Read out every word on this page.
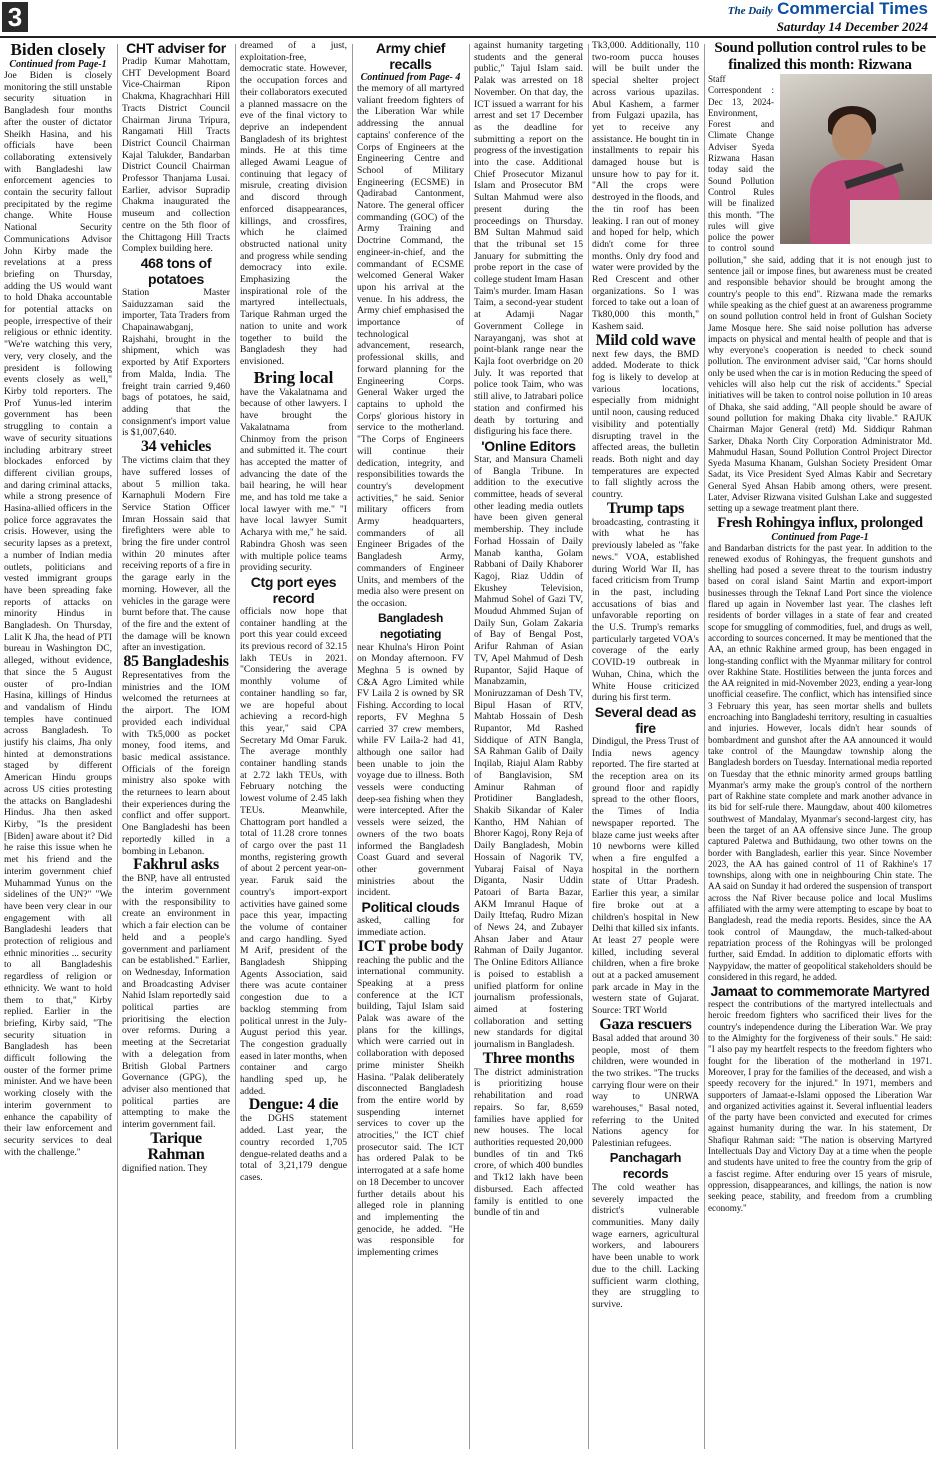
3	The Daily Commercial Times
Saturday 14 December 2024
Biden closely
Continued from Page-1

Joe Biden is closely monitoring the still unstable security situation in Bangladesh four months after the ouster of dictator Sheikh Hasina, and his officials have been collaborating extensively with Bangladeshi law enforcement agencies to contain the security fallout precipitated by the regime change. White House National Security Communications Advisor John Kirby made the revelations at a press briefing on Thursday, adding the US would want to hold Dhaka accountable for potential attacks on people, irrespective of their religious or ethnic identity. "We're watching this very, very, very closely, and the president is following events closely as well," Kirby told reporters. The Prof Yunus-led interim government has been struggling to contain a wave of security situations including arbitrary street blockades enforced by different civilian groups, and daring criminal attacks, while a strong presence of Hasina-allied officers in the police force aggravates the crisis. However, using the security lapses as a pretext, a number of Indian media outlets, politicians and vested immigrant groups have been spreading fake reports of attacks on minority Hindus in Bangladesh. On Thursday, Lalit K Jha, the head of PTI bureau in Washington DC, alleged, without evidence, that since the 5 August ouster of pro-Indian Hasina, killings of Hindus and vandalism of Hindu temples have continued across Bangladesh. To justify his claims, Jha only hinted at demonstrations staged by different American Hindu groups across US cities protesting the attacks on Bangladeshi Hindus. Jha then asked Kirby, "Is the president [Biden] aware about it? Did he raise this issue when he met his friend and the interim government chief Muhammad Yunus on the sidelines of the UN?" "We have been very clear in our engagement with all Bangladeshi leaders that protection of religious and ethnic minorities ... security to all Bangladeshis regardless of religion or ethnicity. We want to hold them to that," Kirby replied. Earlier in the briefing, Kirby said, "The security situation in Bangladesh has been difficult following the ouster of the former prime minister. And we have been working closely with the interim government to enhance the capability of their law enforcement and security services to deal with the challenge."

CHT adviser for

Pradip Kumar Mahottam, CHT Development Board Vice-Chairman Ripon Chakma, Khagrachhari Hill Tracts District Council Chairman Jiruna Tripura, Rangamati Hill Tracts District Council Chairman Kajal Talukder, Bandarban District Council Chairman Professor Thanjama Lusai. Earlier, advisor Supradip Chakma inaugurated the museum and collection centre on the 5th floor of the Chittagong Hill Tracts Complex building here.

468 tons of potatoes

Station Master Saiduzzaman said the importer, Tata Traders from Chapainawabganj, Rajshahi, brought in the shipment, which was exported by Atif Exporters from Malda, India. The freight train carried 9,460 bags of potatoes, he said, adding that the consignment's import value is $1,007,640.

34 vehicles

The victims claim that they have suffered losses of about 5 million taka. Karnaphuli Modern Fire Service Station Officer Imran Hossain said that firefighters were able to bring the fire under control within 20 minutes after receiving reports of a fire in the garage early in the morning. However, all the vehicles in the garage were burnt before that. The cause of the fire and the extent of the damage will be known after an investigation.

85 Bangladeshis

Representatives from the ministries and the IOM welcomed the returnees at the airport. The IOM provided each individual with Tk5,000 as pocket money, food items, and basic medical assistance. Officials of the foreign ministry also spoke with the returnees to learn about their experiences during the conflict and offer support. One Bangladeshi has been reportedly killed in a bombing in Lebanon.

Fakhrul asks

the BNP, have all entrusted the interim government with the responsibility to create an environment in which a fair election can be held and a people's government and parliament can be established." Earlier, on Wednesday, Information and Broadcasting Adviser Nahid Islam reportedly said political parties are prioritising the election over reforms. During a meeting at the Secretariat with a delegation from British Global Partners Governance (GPG), the adviser also mentioned that political parties are attempting to make the interim government fail.

Tarique Rahman

dignified nation. They

dreamed of a just, exploitation-free, democratic state. However, the occupation forces and their collaborators executed a planned massacre on the eve of the final victory to deprive an independent Bangladesh of its brightest minds. He at this time alleged Awami League of continuing that legacy of misrule, creating division and discord through enforced disappearances, killings, and crossfires, which he claimed obstructed national unity and progress while sending democracy into exile. Emphasizing the inspirational role of the martyred intellectuals, Tarique Rahman urged the nation to unite and work together to build the Bangladesh they had envisioned.

Bring local

have the Vakalatnama and because of other lawyers. I have brought the Vakalatnama from Chinmoy from the prison and submitted it. The court has accepted the matter of advancing the date of the bail hearing, he will hear me, and has told me take a local lawyer with me." "I have local lawyer Sumit Acharya with me," he said. Rabindra Ghosh was seen with multiple police teams providing security.

Ctg port eyes record

officials now hope that container handling at the port this year could exceed its previous record of 32.15 lakh TEUs in 2021. "Considering the average monthly volume of container handling so far, we are hopeful about achieving a record-high this year," said CPA Secretary Md Omar Faruk. The average monthly container handling stands at 2.72 lakh TEUs, with February notching the lowest volume of 2.45 lakh TEUs. Meanwhile, Chattogram port handled a total of 11.28 crore tonnes of cargo over the past 11 months, registering growth of about 2 percent year-on-year. Faruk said the country's import-export activities have gained some pace this year, impacting the volume of container and cargo handling. Syed M Arif, president of the Bangladesh Shipping Agents Association, said there was acute container congestion due to a backlog stemming from political unrest in the July-August period this year. The congestion gradually eased in later months, when container and cargo handling sped up, he added.

Dengue: 4 die

the DGHS statement added. Last year, the country recorded 1,705 dengue-related deaths and a total of 3,21,179 dengue cases.

Army chief recalls
Continued from Page- 4

the memory of all martyred valiant freedom fighters of the Liberation War while addressing the annual captains' conference of the Corps of Engineers at the Engineering Centre and School of Military Engineering (ECSME) in Qadirabad Cantonment, Natore. The general officer commanding (GOC) of the Army Training and Doctrine Command, the engineer-in-chief, and the commandant of ECSME welcomed General Waker upon his arrival at the venue. In his address, the Army chief emphasised the importance of technological advancement, research, professional skills, and forward planning for the Engineering Corps. General Waker urged the captains to uphold the Corps' glorious history in service to the motherland. "The Corps of Engineers will continue their dedication, integrity, and responsibilities towards the country's development activities," he said. Senior military officers from Army headquarters, commanders of all Engineer Brigades of the Bangladesh Army, commanders of Engineer Units, and members of the media also were present on the occasion.

Bangladesh negotiating

near Khulna's Hiron Point on Monday afternoon. FV Meghna 5 is owned by C&A Agro Limited while FV Laila 2 is owned by SR Fishing. According to local reports, FV Meghna 5 carried 37 crew members, while FV Laila-2 had 41, although one sailor had been unable to join the voyage due to illness. Both vessels were conducting deep-sea fishing when they were intercepted. After the vessels were seized, the owners of the two boats informed the Bangladesh Coast Guard and several other government ministries about the incident.

Political clouds

asked, calling for immediate action.

ICT probe body

reaching the public and the international community. Speaking at a press conference at the ICT building, Tajul Islam said Palak was aware of the plans for the killings, which were carried out in collaboration with deposed prime minister Sheikh Hasina. "Palak deliberately disconnected Bangladesh from the entire world by suspending internet services to cover up the atrocities," the ICT chief prosecutor said. The ICT has ordered Palak to be interrogated at a safe home on 18 December to uncover further details about his alleged role in planning and implementing the genocide, he added. "He was responsible for implementing crimes

against humanity targeting students and the general public," Tajul Islam said. Palak was arrested on 18 November. On that day, the ICT issued a warrant for his arrest and set 17 December as the deadline for submitting a report on the progress of the investigation into the case. Additional Chief Prosecutor Mizanul Islam and Prosecutor BM Sultan Mahmud were also present during the proceedings on Thursday. BM Sultan Mahmud said that the tribunal set 15 January for submitting the probe report in the case of college student Imam Hasan Taim's murder. Imam Hasan Taim, a second-year student at Adamji Nagar Government College in Narayanganj, was shot at point-blank range near the Kajla foot overbridge on 20 July. It was reported that police took Taim, who was still alive, to Jatrabari police station and confirmed his death by torturing and disfiguring his face there.

'Online Editors

Star, and Mansura Chameli of Bangla Tribune. In addition to the executive committee, heads of several other leading media outlets have been given general membership. They include Forhad Hossain of Daily Manab kantha, Golam Rabbani of Daily Khaborer Kagoj, Riaz Uddin of Ekushey Television, Mahmud Sohel of Gazi TV, Moudud Ahmmed Sujan of Daily Sun, Golam Zakaria of Bay of Bengal Post, Arifur Rahman of Asian TV, Apel Mahmud of Desh Rupantor, Sajid Haque of Manabzamin, Moniruzzaman of Desh TV, Bipul Hasan of RTV, Mahtab Hossain of Desh Rupantor, Md Rashed Siddique of ATN Bangla, SA Rahman Galib of Daily Inqilab, Riajul Alam Rabby of Banglavision, SM Aminur Rahman of Protidiner Bangladesh, Shakib Sikandar of Kaler Kantho, HM Nahian of Bhorer Kagoj, Rony Reja of Daily Bangladesh, Mobin Hossain of Nagorik TV, Yubaraj Faisal of Naya Diganta, Nasir Uddin Patoari of Barta Bazar, AKM Imranul Haque of Daily Ittefaq, Rudro Mizan of News 24, and Zubayer Ahsan Jaber and Ataur Rahman of Daily Jugantor. The Online Editors Alliance is poised to establish a unified platform for online journalism professionals, aimed at fostering collaboration and setting new standards for digital journalism in Bangladesh.

Three months

The district administration is prioritizing house rehabilitation and road repairs. So far, 8,659 families have applied for new houses. The local authorities requested 20,000 bundles of tin and Tk6 crore, of which 400 bundles and Tk12 lakh have been disbursed. Each affected family is entitled to one bundle of tin and

Tk3,000. Additionally, 110 two-room pucca houses will be built under the special shelter project across various upazilas. Abul Kashem, a farmer from Fulgazi upazila, has yet to receive any assistance. He bought tin in installments to repair his damaged house but is unsure how to pay for it. "All the crops were destroyed in the floods, and the tin roof has been leaking. I ran out of money and hoped for help, which didn't come for three months. Only dry food and water were provided by the Red Crescent and other organizations. So I was forced to take out a loan of Tk80,000 this month," Kashem said.

Mild cold wave

next few days, the BMD added. Moderate to thick fog is likely to develop at various locations, especially from midnight until noon, causing reduced visibility and potentially disrupting travel in the affected areas, the bulletin reads. Both night and day temperatures are expected to fall slightly across the country.

Trump taps

broadcasting, contrasting it with what he has previously labeled as "fake news." VOA, established during World War II, has faced criticism from Trump in the past, including accusations of bias and unfavorable reporting on the U.S. Trump's remarks particularly targeted VOA's coverage of the early COVID-19 outbreak in Wuhan, China, which the White House criticized during his first term.

Several dead as fire

Dindigul, the Press Trust of India news agency reported. The fire started at the reception area on its ground floor and rapidly spread to the other floors, the Times of India newspaper reported. The blaze came just weeks after 10 newborns were killed when a fire engulfed a hospital in the northern state of Uttar Pradesh. Earlier this year, a similar fire broke out at a children's hospital in New Delhi that killed six infants. At least 27 people were killed, including several children, when a fire broke out at a packed amusement park arcade in May in the western state of Gujarat. Source: TRT World

Gaza rescuers

Basal added that around 30 people, most of them children, were wounded in the two strikes. "The trucks carrying flour were on their way to UNRWA warehouses," Basal noted, referring to the United Nations agency for Palestinian refugees.

Panchagarh records

The cold weather has severely impacted the district's vulnerable communities. Many daily wage earners, agricultural workers, and labourers have been unable to work due to the chill. Lacking sufficient warm clothing, they are struggling to survive.

Sound pollution control rules to be finalized this month: Rizwana

Staff Correspondent : Dec 13, 2024- Environment, Forest and Climate Change Adviser Syeda Rizwana Hasan today said the Sound Pollution Control Rules will be finalized this month. "The rules will give police the power to control sound pollution," she said, adding that it is not enough just to sentence jail or impose fines, but awareness must be created and responsible behavior should be brought among the country's people to this end". Rizwana made the remarks while speaking as the chief guest at an awareness programme on sound pollution control held in front of Gulshan Society Jame Mosque here. She said noise pollution has adverse impacts on physical and mental health of people and that is why everyone's cooperation is needed to check sound pollution. The environment adviser said, "Car horns should only be used when the car is in motion Reducing the speed of vehicles will also help cut the risk of accidents." Special initiatives will be taken to control noise pollution in 10 areas of Dhaka, she said adding, "All people should be aware of sound pollution for making Dhaka city livable." RAJUK Chairman Major General (retd) Md. Siddiqur Rahman Sarker, Dhaka North City Corporation Administrator Md. Mahmudul Hasan, Sound Pollution Control Project Director Syeda Masuma Khanam, Gulshan Society President Omar Sadat, its Vice President Syed Almas Kabir and Secretary General Syed Ahsan Habib among others, were present. Later, Adviser Rizwana visited Gulshan Lake and suggested setting up a sewage treatment plant there.

Fresh Rohingya influx, prolonged
Continued from Page-1

and Bandarban districts for the past year. In addition to the renewed exodus of Rohingyas, the frequent gunshots and shelling had posed a severe threat to the tourism industry based on coral island Saint Martin and export-import businesses through the Teknaf Land Port since the violence flared up again in November last year. The clashes left residents of border villages in a state of fear and created scope for smuggling of commodities, fuel, and drugs as well, according to sources concerned. It may be mentioned that the AA, an ethnic Rakhine armed group, has been engaged in long-standing conflict with the Myanmar military for control over Rakhine State. Hostilities between the junta forces and the AA reignited in mid-November 2023, ending a year-long unofficial ceasefire. The conflict, which has intensified since 3 February this year, has seen mortar shells and bullets encroaching into Bangladeshi territory, resulting in casualties and injuries. However, locals didn't hear sounds of bombardment and gunshot after the AA announced it would take control of the Maungdaw township along the Bangladesh borders on Tuesday. International media reported on Tuesday that the ethnic minority armed groups battling Myanmar's army make the group's control of the northern part of Rakhine state complete and mark another advance in its bid for self-rule there. Maungdaw, about 400 kilometres southwest of Mandalay, Myanmar's second-largest city, has been the target of an AA offensive since June. The group captured Paletwa and Buthidaung, two other towns on the border with Bangladesh, earlier this year. Since November 2023, the AA has gained control of 11 of Rakhine's 17 townships, along with one in neighbouring Chin state. The AA said on Sunday it had ordered the suspension of transport across the Naf River because police and local Muslims affiliated with the army were attempting to escape by boat to Bangladesh, read the media reports. Besides, since the AA took control of Maungdaw, the much-talked-about repatriation process of the Rohingyas will be prolonged further, said Emdad. In addition to diplomatic efforts with Naypyidaw, the matter of geopolitical stakeholders should be considered in this regard, he added.

Jamaat to commemorate Martyred

respect the contributions of the martyred intellectuals and heroic freedom fighters who sacrificed their lives for the country's independence during the Liberation War. We pray to the Almighty for the forgiveness of their souls." He said: "I also pay my heartfelt respects to the freedom fighters who fought for the liberation of the motherland in 1971. Moreover, I pray for the families of the deceased, and wish a speedy recovery for the injured." In 1971, members and supporters of Jamaat-e-Islami opposed the Liberation War and organized activities against it. Several influential leaders of the party have been convicted and executed for crimes against humanity during the war. In his statement, Dr Shafiqur Rahman said: "The nation is observing Martyred Intellectuals Day and Victory Day at a time when the people and students have united to free the country from the grip of a fascist regime. After enduring over 15 years of misrule, oppression, disappearances, and killings, the nation is now seeking peace, stability, and freedom from a crumbling economy."
